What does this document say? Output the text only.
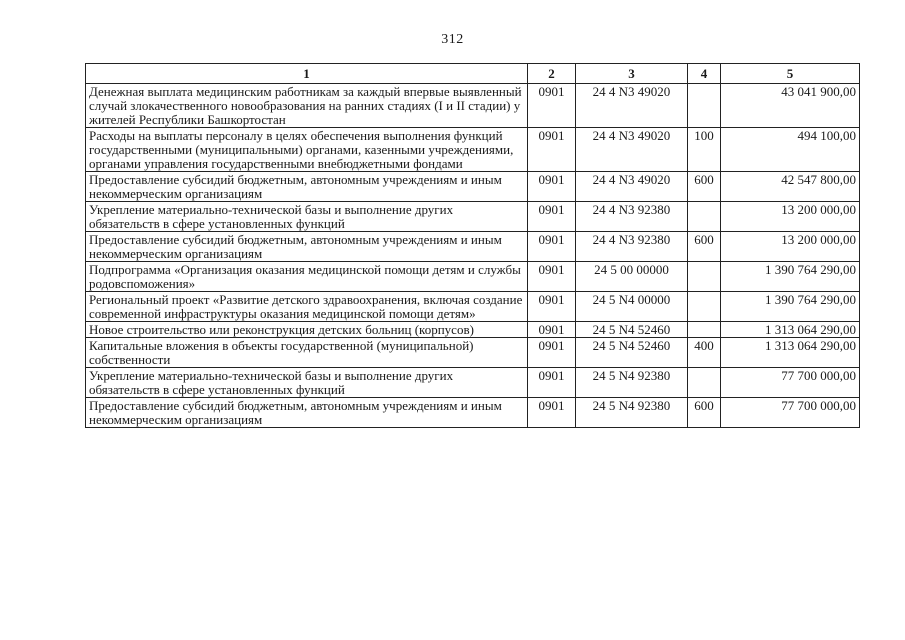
312
1	2	3	4	5
Денежная выплата медицинским работникам за каждый впервые выявленный случай злокачественного новообразования на ранних стадиях (I и II стадии) у жителей Республики Башкортостан	0901	24 4 N3 49020		43 041 900,00
Расходы на выплаты персоналу в целях обеспечения выполнения функций государственными (муниципальными) органами, казенными учреждениями, органами управления государственными внебюджетными фондами	0901	24 4 N3 49020	100	494 100,00
Предоставление субсидий бюджетным, автономным учреждениям и иным некоммерческим организациям	0901	24 4 N3 49020	600	42 547 800,00
Укрепление материально-технической базы и выполнение других обязательств в сфере установленных функций	0901	24 4 N3 92380		13 200 000,00
Предоставление субсидий бюджетным, автономным учреждениям и иным некоммерческим организациям	0901	24 4 N3 92380	600	13 200 000,00
Подпрограмма «Организация оказания медицинской помощи детям и службы родовспоможения»	0901	24 5 00 00000		1 390 764 290,00
Региональный проект «Развитие детского здравоохранения, включая создание современной инфраструктуры оказания медицинской помощи детям»	0901	24 5 N4 00000		1 390 764 290,00
Новое строительство или реконструкция детских больниц (корпусов)	0901	24 5 N4 52460		1 313 064 290,00
Капитальные вложения в объекты государственной (муниципальной) собственности	0901	24 5 N4 52460	400	1 313 064 290,00
Укрепление материально-технической базы и выполнение других обязательств в сфере установленных функций	0901	24 5 N4 92380		77 700 000,00
Предоставление субсидий бюджетным, автономным учреждениям и иным некоммерческим организациям	0901	24 5 N4 92380	600	77 700 000,00
